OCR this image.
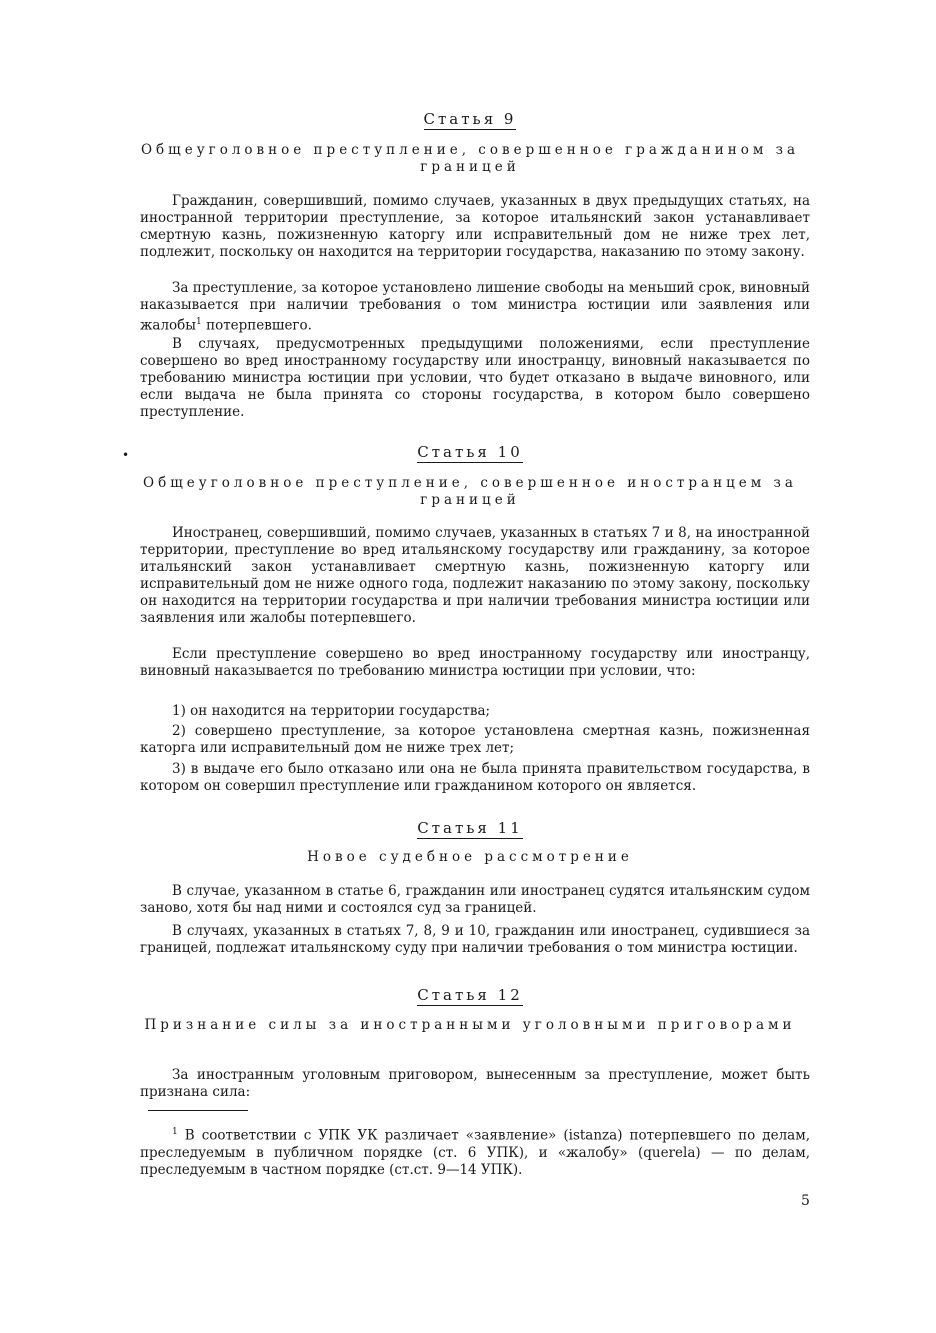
Статья 9
Общеуголовное преступление, совершенное гражданином за границей

Гражданин, совершивший, помимо случаев, указанных в двух предыдущих статьях, на иностранной территории преступление, за которое итальянский закон устанавливает смертную казнь, пожизненную каторгу или исправительный дом не ниже трех лет, подлежит, поскольку он находится на территории государства, наказанию по этому закону.

За преступление, за которое установлено лишение свободы на меньший срок, виновный наказывается при наличии требования о том министра юстиции или заявления или жалобы$^1$ потерпевшего.

В случаях, предусмотренных предыдущими положениями, если преступление совершено во вред иностранному государству или иностранцу, виновный наказывается по требованию министра юстиции при условии, что будет отказано в выдаче виновного, или если выдача не была принята со стороны государства, в котором было совершено преступление.

•	Статья 10
Общеуголовное преступление, совершенное иностранцем за границей

Иностранец, совершивший, помимо случаев, указанных в статьях 7 и 8, на иностранной территории, преступление во вред итальянскому государству или гражданину, за которое итальянский закон устанавливает смертную казнь, пожизненную каторгу или исправительный дом не ниже одного года, подлежит наказанию по этому закону, поскольку он находится на территории государства и при наличии требования министра юстиции или заявления или жалобы потерпевшего.

Если преступление совершено во вред иностранному государству или иностранцу, виновный наказывается по требованию министра юстиции при условии, что:

1) он находится на территории государства;

2) совершено преступление, за которое установлена смертная казнь, пожизненная каторга или исправительный дом не ниже трех лет;

3) в выдаче его было отказано или она не была принята правительством государства, в котором он совершил преступление или гражданином которого он является.

Статья 11
Новое судебное рассмотрение

В случае, указанном в статье 6, гражданин или иностранец судятся итальянским судом заново, хотя бы над ними и состоялся суд за границей.

В случаях, указанных в статьях 7, 8, 9 и 10, гражданин или иностранец, судившиеся за границей, подлежат итальянскому суду при наличии требования о том министра юстиции.

Статья 12
Признание силы за иностранными уголовными приговорами

За иностранным уголовным приговором, вынесенным за преступление, может быть признана сила:

$^1$ В соответствии с УПК УК различает «заявление» (istanza) потерпевшего по делам, преследуемым в публичном порядке (ст. 6 УПК), и «жалобу» (querela) — по делам, преследуемым в частном порядке (ст.ст. 9—14 УПК).

5
